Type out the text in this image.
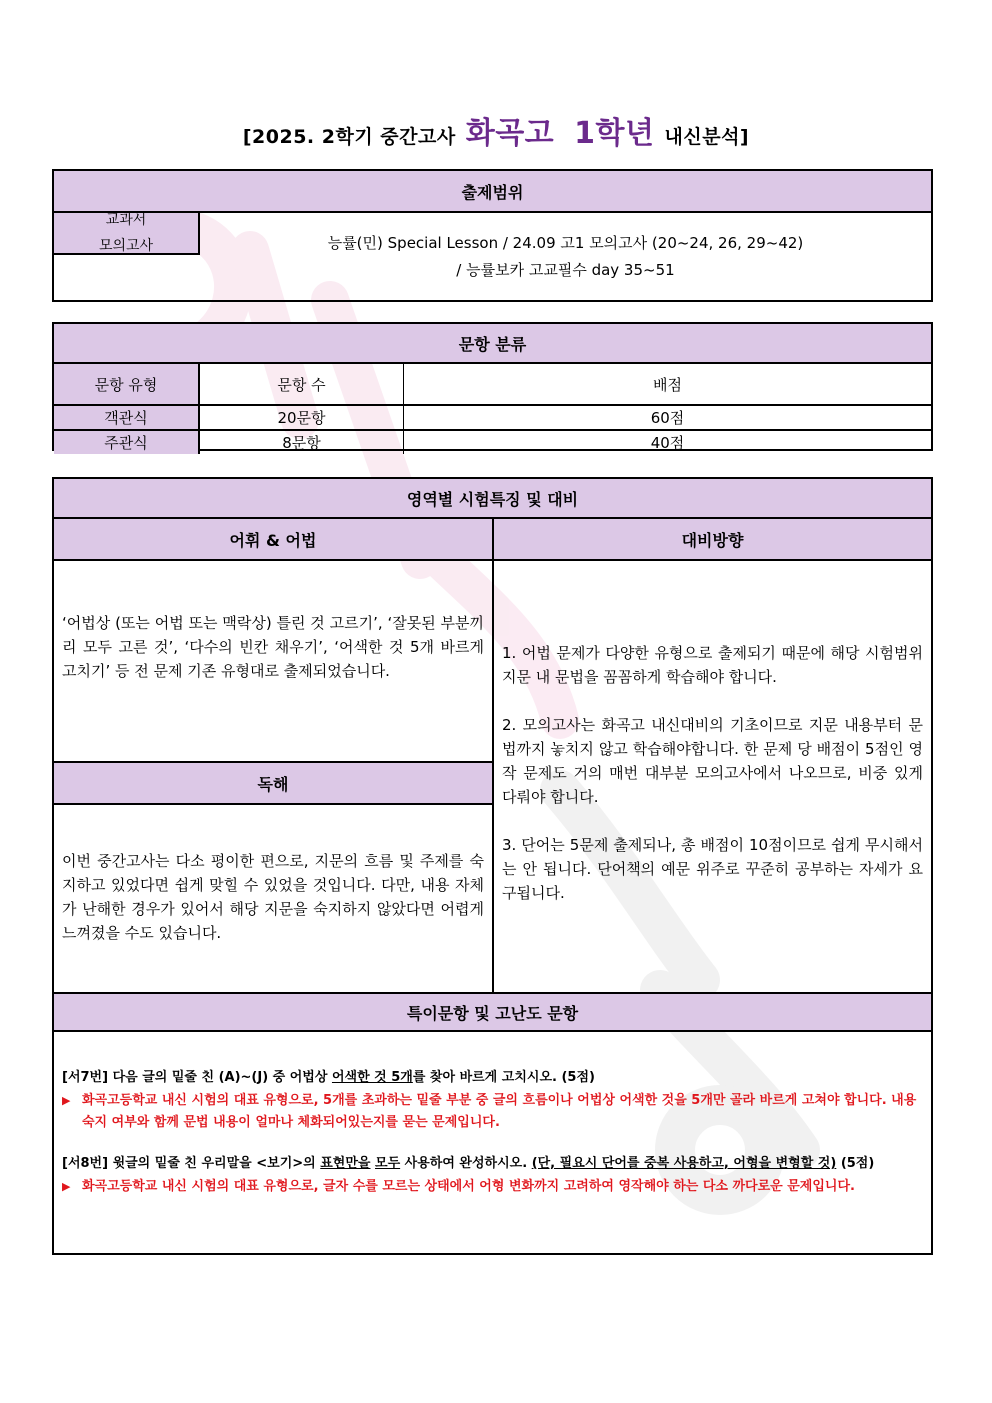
[2025. 2학기 중간고사 화곡고 1학년 내신분석]
출제범위
교과서
모의고사	능률(민) Special Lesson / 24.09 고1 모의고사 (20~24, 26, 29~42)
/ 능률보카 고교필수 day 35~51
문항 분류
문항 유형	문항 수	배점
객관식	20문항	60점
주관식	8문항	40점
영역별 시험특징 및 대비
어휘 & 어법	대비방향
‘어법상 (또는 어법 또는 맥락상) 틀린 것 고르기’, ‘잘못된 부분끼리 모두 고른 것’, ‘다수의 빈칸 채우기’, ‘어색한 것 5개 바르게 고치기’ 등 전 문제 기존 유형대로 출제되었습니다.
독해
이번 중간고사는 다소 평이한 편으로, 지문의 흐름 및 주제를 숙지하고 있었다면 쉽게 맞힐 수 있었을 것입니다. 다만, 내용 자체가 난해한 경우가 있어서 해당 지문을 숙지하지 않았다면 어렵게 느껴졌을 수도 있습니다.
1. 어법 문제가 다양한 유형으로 출제되기 때문에 해당 시험범위 지문 내 문법을 꼼꼼하게 학습해야 합니다.
2. 모의고사는 화곡고 내신대비의 기초이므로 지문 내용부터 문법까지 놓치지 않고 학습해야합니다. 한 문제 당 배점이 5점인 영작 문제도 거의 매번 대부분 모의고사에서 나오므로, 비중 있게 다뤄야 합니다.
3. 단어는 5문제 출제되나, 총 배점이 10점이므로 쉽게 무시해서는 안 됩니다. 단어책의 예문 위주로 꾸준히 공부하는 자세가 요구됩니다.
특이문항 및 고난도 문항
[서7번] 다음 글의 밑줄 친 (A)~(J) 중 어법상 어색한 것 5개를 찾아 바르게 고치시오. (5점)
▶ 화곡고등학교 내신 시험의 대표 유형으로, 5개를 초과하는 밑줄 부분 중 글의 흐름이나 어법상 어색한 것을 5개만 골라 바르게 고쳐야 합니다. 내용 숙지 여부와 함께 문법 내용이 얼마나 체화되어있는지를 묻는 문제입니다.
[서8번] 윗글의 밑줄 친 우리말을 <보기>의 표현만을 모두 사용하여 완성하시오. (단, 필요시 단어를 중복 사용하고, 어형을 변형할 것) (5점)
▶ 화곡고등학교 내신 시험의 대표 유형으로, 글자 수를 모르는 상태에서 어형 변화까지 고려하여 영작해야 하는 다소 까다로운 문제입니다.
